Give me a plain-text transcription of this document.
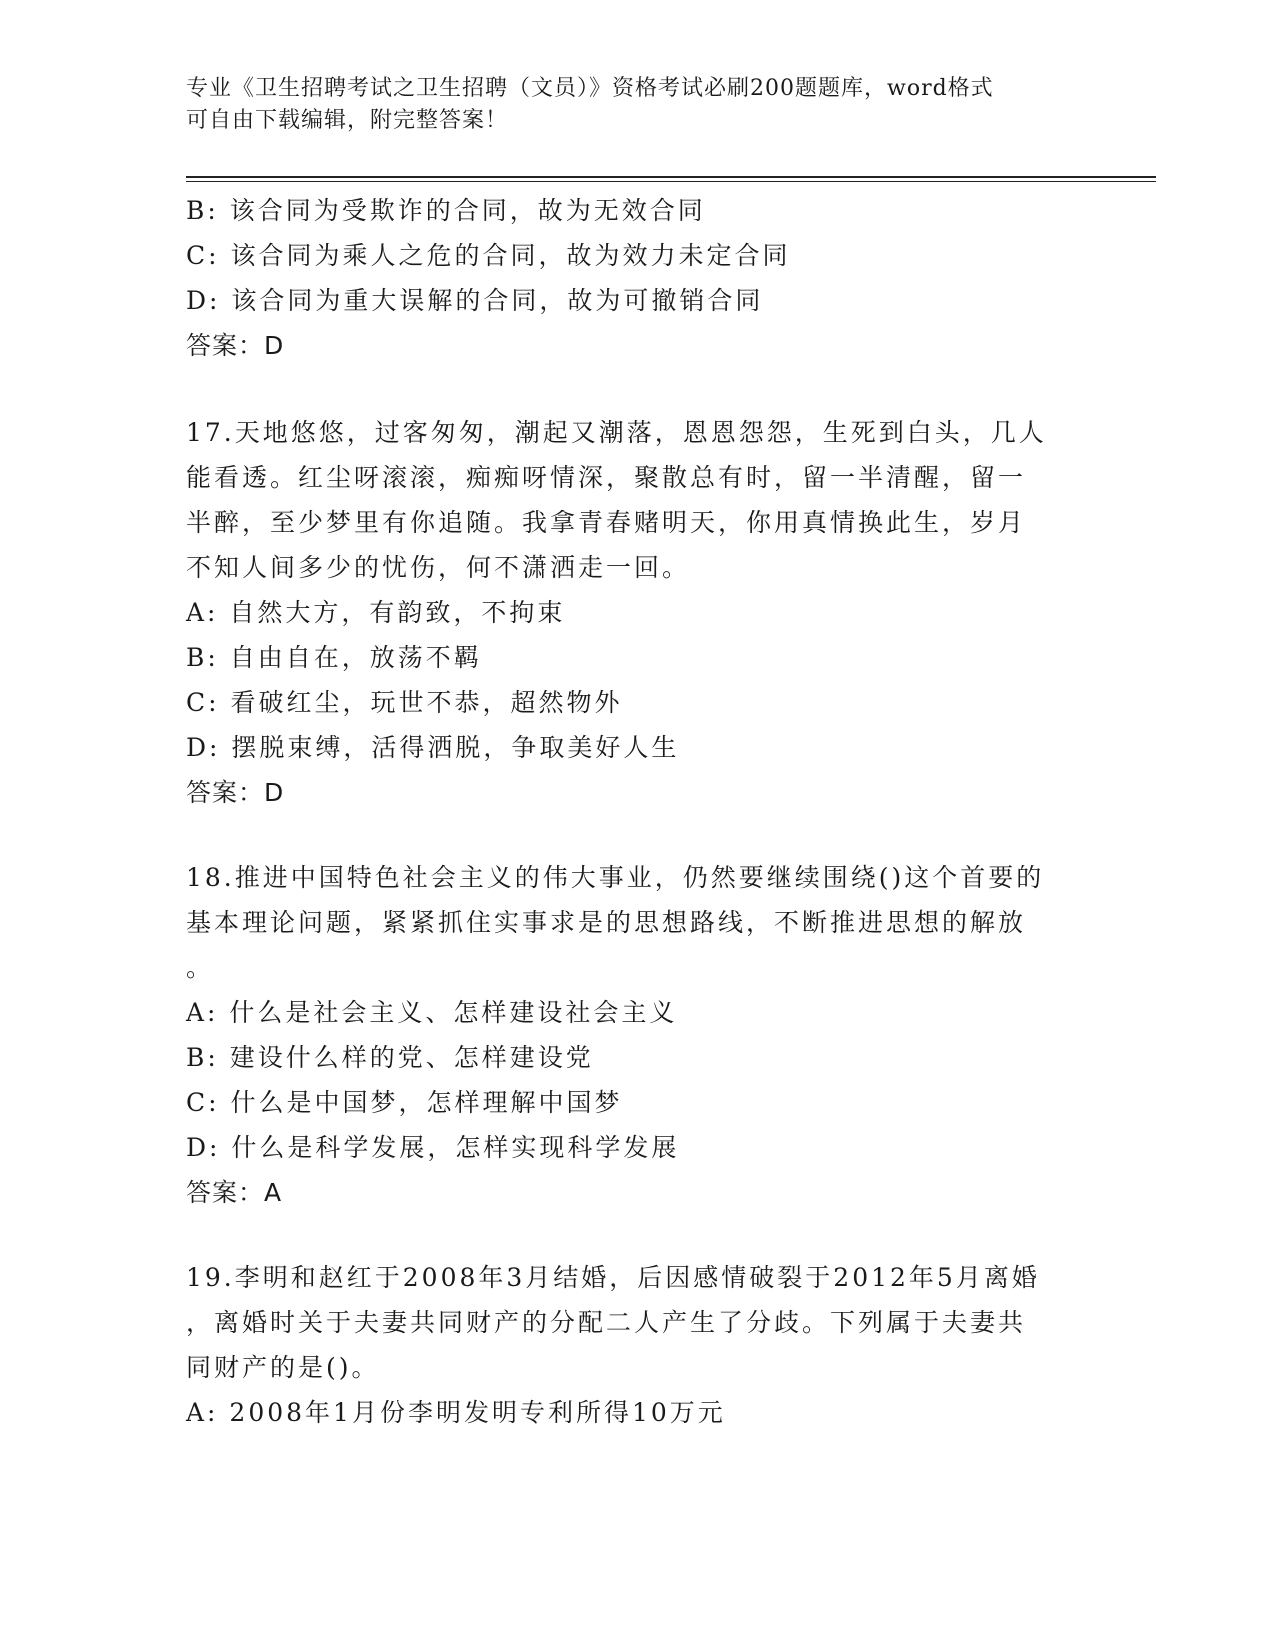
专业《卫生招聘考试之卫生招聘（文员）》资格考试必刷200题题库，word格式
可自由下载编辑，附完整答案！
B: 该合同为受欺诈的合同，故为无效合同
C: 该合同为乘人之危的合同，故为效力未定合同
D: 该合同为重大误解的合同，故为可撤销合同
答案：D
17.天地悠悠，过客匆匆，潮起又潮落，恩恩怨怨，生死到白头，几人
能看透。红尘呀滚滚，痴痴呀情深，聚散总有时，留一半清醒，留一
半醉，至少梦里有你追随。我拿青春赌明天，你用真情换此生，岁月
不知人间多少的忧伤，何不潇洒走一回。
A: 自然大方，有韵致，不拘束
B: 自由自在，放荡不羁
C: 看破红尘，玩世不恭，超然物外
D: 摆脱束缚，活得洒脱，争取美好人生
答案：D
18.推进中国特色社会主义的伟大事业，仍然要继续围绕()这个首要的
基本理论问题，紧紧抓住实事求是的思想路线，不断推进思想的解放
。
A: 什么是社会主义、怎样建设社会主义
B: 建设什么样的党、怎样建设党
C: 什么是中国梦，怎样理解中国梦
D: 什么是科学发展，怎样实现科学发展
答案：A
19.李明和赵红于2008年3月结婚，后因感情破裂于2012年5月离婚
，离婚时关于夫妻共同财产的分配二人产生了分歧。下列属于夫妻共
同财产的是()。
A: 2008年1月份李明发明专利所得10万元
